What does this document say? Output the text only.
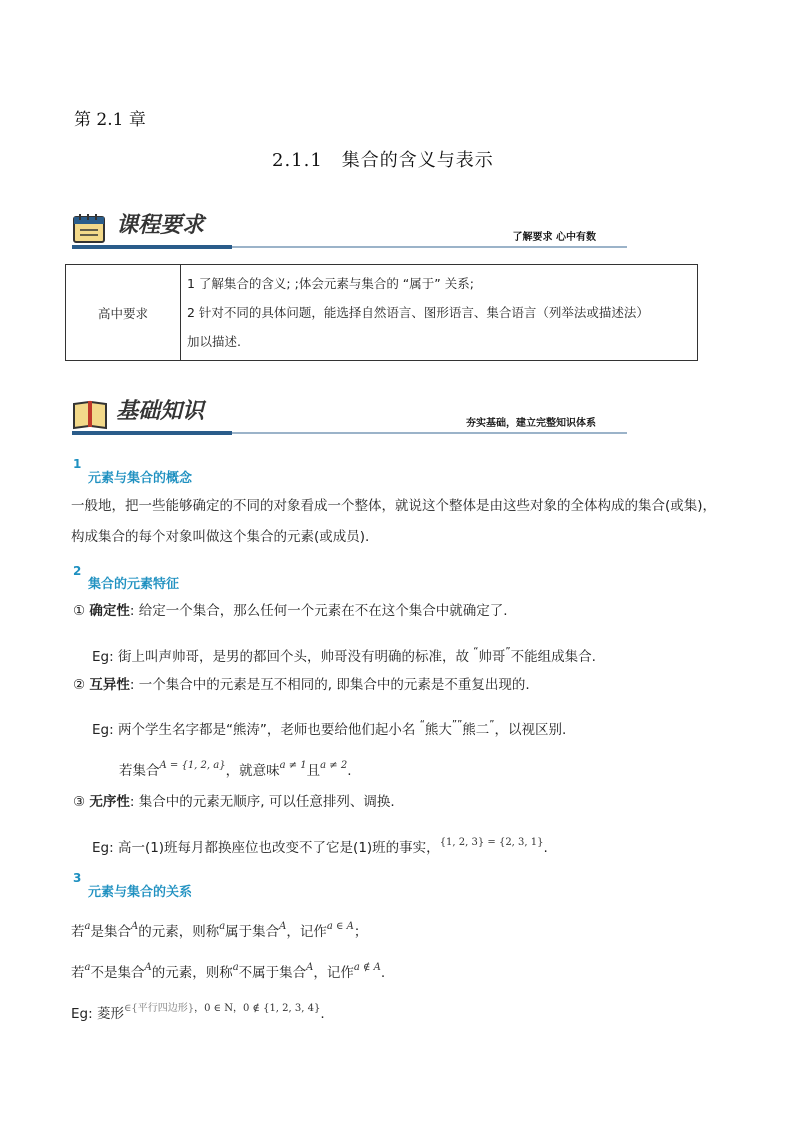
第 2.1 章
2.1.1　集合的含义与表示
课程要求	了解要求 心中有数
高中要求	
1 了解集合的含义; ;体会元素与集合的 “属于” 关系;
2 针对不同的具体问题，能选择自然语言、图形语言、集合语言（列举法或描述法）
加以描述.
基础知识	夯实基础，建立完整知识体系
1
元素与集合的概念
一般地，把一些能够确定的不同的对象看成一个整体，就说这个整体是由这些对象的全体构成的集合(或集)，
构成集合的每个对象叫做这个集合的元素(或成员).
2
集合的元素特征
① 确定性: 给定一个集合，那么任何一个元素在不在这个集合中就确定了.
Eg: 街上叫声帅哥，是男的都回个头，帅哥没有明确的标准，故 “帅哥”不能组成集合.
② 互异性: 一个集合中的元素是互不相同的, 即集合中的元素是不重复出现的.
Eg: 两个学生名字都是“熊涛”，老师也要给他们起小名 “熊大””熊二”，以视区别.
若集合$^{A = \{1, 2, a\}}$，就意味$^{a \ne 1}$且$^{a \ne 2}$.
③ 无序性: 集合中的元素无顺序, 可以任意排列、调换.
Eg: 高一(1)班每月都换座位也改变不了它是(1)班的事实，$^{\{1, 2, 3\} = \{2, 3, 1\}}$.
3
元素与集合的关系
若$^a$是集合$^A$的元素，则称$^a$属于集合$^A$，记作$^{a \in A}$；
若$^a$不是集合$^A$的元素，则称$^a$不属于集合$^A$，记作$^{a \notin A}$.
Eg: 菱形$^{\in\{平行四边形\},0 \in N,0 \notin \{1, 2, 3, 4\}}$.
